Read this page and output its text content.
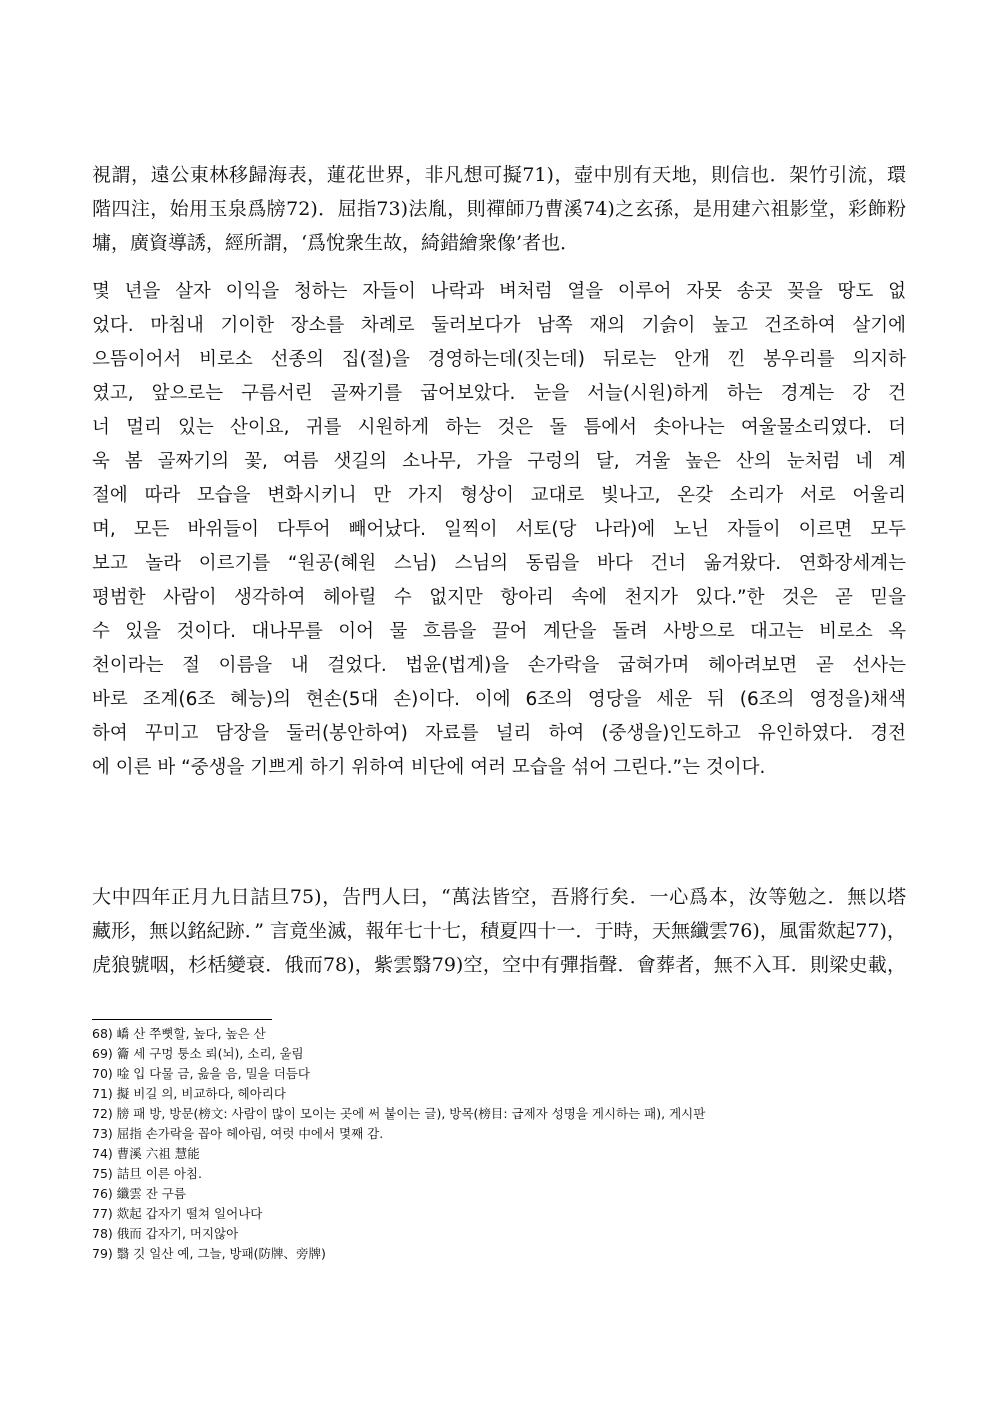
視謂，遠公東林移歸海表，蓮花世界，非凡想可擬71)，壺中別有天地，則信也．架竹引流，環
階四注，始用玉泉爲牓72)．屈指73)法胤，則禪師乃曹溪74)之玄孫，是用建六祖影堂，彩飾粉
墉，廣資導誘，經所謂，‘爲悅衆生故，綺錯繪衆像’者也．
몇 년을 살자 이익을 청하는 자들이 나락과 벼처럼 열을 이루어 자못 송곳 꽂을 땅도 없
었다. 마침내 기이한 장소를 차례로 둘러보다가 남쪽 재의 기슭이 높고 건조하여 살기에
으뜸이어서 비로소 선종의 집(절)을 경영하는데(짓는데) 뒤로는 안개 낀 봉우리를 의지하
였고, 앞으로는 구름서린 골짜기를 굽어보았다. 눈을 서늘(시원)하게 하는 경계는 강 건
너 멀리 있는 산이요, 귀를 시원하게 하는 것은 돌 틈에서 솟아나는 여울물소리였다. 더
욱 봄 골짜기의 꽃, 여름 샛길의 소나무, 가을 구렁의 달, 겨울 높은 산의 눈처럼 네 계
절에 따라 모습을 변화시키니 만 가지 형상이 교대로 빛나고, 온갖 소리가 서로 어울리
며, 모든 바위들이 다투어 빼어났다. 일찍이 서토(당 나라)에 노닌 자들이 이르면 모두
보고 놀라 이르기를 “원공(혜원 스님) 스님의 동림을 바다 건너 옮겨왔다. 연화장세계는
평범한 사람이 생각하여 헤아릴 수 없지만 항아리 속에 천지가 있다.”한 것은 곧 믿을
수 있을 것이다. 대나무를 이어 물 흐름을 끌어 계단을 돌려 사방으로 대고는 비로소 옥
천이라는 절 이름을 내 걸었다. 법윤(법계)을 손가락을 굽혀가며 헤아려보면 곧 선사는
바로 조계(6조 혜능)의 현손(5대 손)이다. 이에 6조의 영당을 세운 뒤 (6조의 영정을)채색
하여 꾸미고 담장을 둘러(봉안하여) 자료를 널리 하여 (중생을)인도하고 유인하였다. 경전
에 이른 바 “중생을 기쁘게 하기 위하여 비단에 여러 모습을 섞어 그린다.”는 것이다.
大中四年正月九日詰旦75)，告門人曰，“萬法皆空，吾將行矣．一心爲本，汝等勉之．無以塔
藏形，無以銘紀跡．” 言竟坐滅，報年七十七，積夏四十一．于時，天無纖雲76)，風雷欻起77)，
虎狼號咽，杉栝變衰．俄而78)，紫雲翳79)空，空中有彈指聲．會葬者，無不入耳．則梁史載，
68) 嶠 산 쭈뼛할, 높다, 높은 산
69) 籥 세 구멍 퉁소 뢰(뇌), 소리, 울림
70) 唫 입 다물 금, 읊을 음, 밀을 더듬다
71) 擬 비길 의, 비교하다, 헤아리다
72) 牓 패 방, 방문(榜文: 사람이 많이 모이는 곳에 써 붙이는 글), 방목(榜目: 급제자 성명을 게시하는 패), 게시판
73) 屈指 손가락을 꼽아 헤아림, 여럿 中에서 몇째 감.
74) 曹溪 六祖 慧能
75) 詰旦 이른 아침.
76) 纖雲 잔 구름
77) 欻起 갑자기 떨쳐 일어나다
78) 俄而 갑자기, 머지않아
79) 翳 깃 일산 예, 그늘, 방패(防牌、旁牌)
